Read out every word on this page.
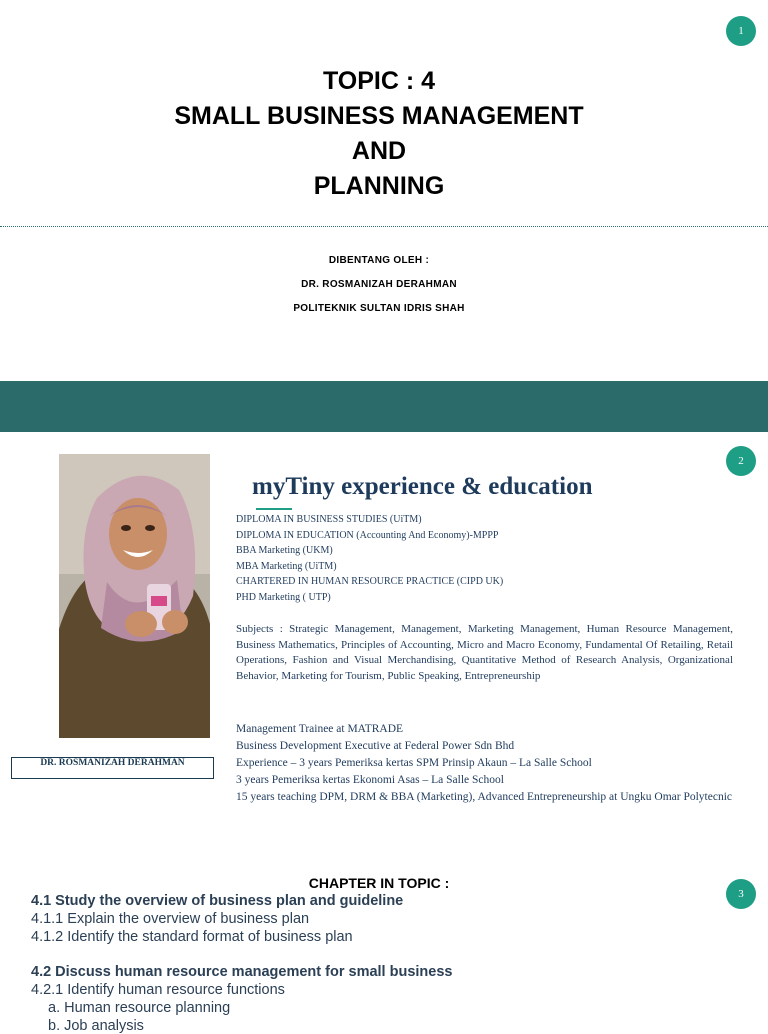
1
TOPIC : 4
SMALL BUSINESS MANAGEMENT
AND
PLANNING
DIBENTANG OLEH :
DR. ROSMANIZAH DERAHMAN
POLITEKNIK SULTAN IDRIS SHAH
DR. ROSMANIZAH DERAHMAN
myTiny experience & education
2
DIPLOMA IN BUSINESS STUDIES (UiTM)
DIPLOMA IN EDUCATION (Accounting And Economy)-MPPP
BBA Marketing (UKM)
MBA Marketing (UiTM)
CHARTERED IN HUMAN RESOURCE PRACTICE (CIPD UK)
PHD Marketing ( UTP)
Subjects : Strategic Management, Management, Marketing Management, Human Resource Management, Business Mathematics, Principles of Accounting, Micro and Macro Economy, Fundamental Of Retailing, Retail Operations, Fashion and Visual Merchandising, Quantitative Method of Research Analysis, Organizational Behavior, Marketing for Tourism, Public Speaking, Entrepreneurship
Management Trainee at MATRADE
Business Development Executive at Federal Power Sdn Bhd
Experience – 3 years Pemeriksa kertas SPM Prinsip Akaun – La Salle School
3 years Pemeriksa kertas Ekonomi Asas – La Salle School
15 years teaching DPM, DRM & BBA (Marketing), Advanced Entrepreneurship at Ungku Omar Polytecnic
CHAPTER IN TOPIC :
3
4.1 Study the overview of business plan and guideline
4.1.1 Explain the overview of business plan
4.1.2 Identify the standard format of business plan
4.2 Discuss human resource management for small business
4.2.1 Identify human resource functions
a. Human resource planning
b. Job analysis
